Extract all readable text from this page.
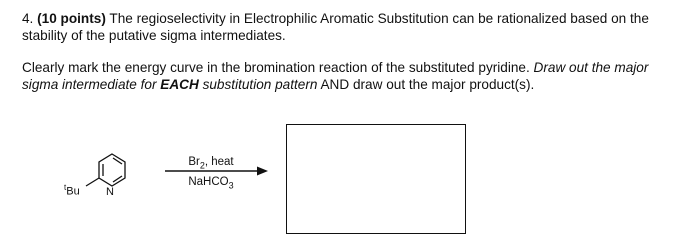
4. (10 points) The regioselectivity in Electrophilic Aromatic Substitution can be rationalized based on the stability of the putative sigma intermediates.

Clearly mark the energy curve in the bromination reaction of the substituted pyridine. Draw out the major sigma intermediate for EACH substitution pattern AND draw out the major product(s).

$^t$Bu N
$Br_2$, heat
NaHCO$_3$
